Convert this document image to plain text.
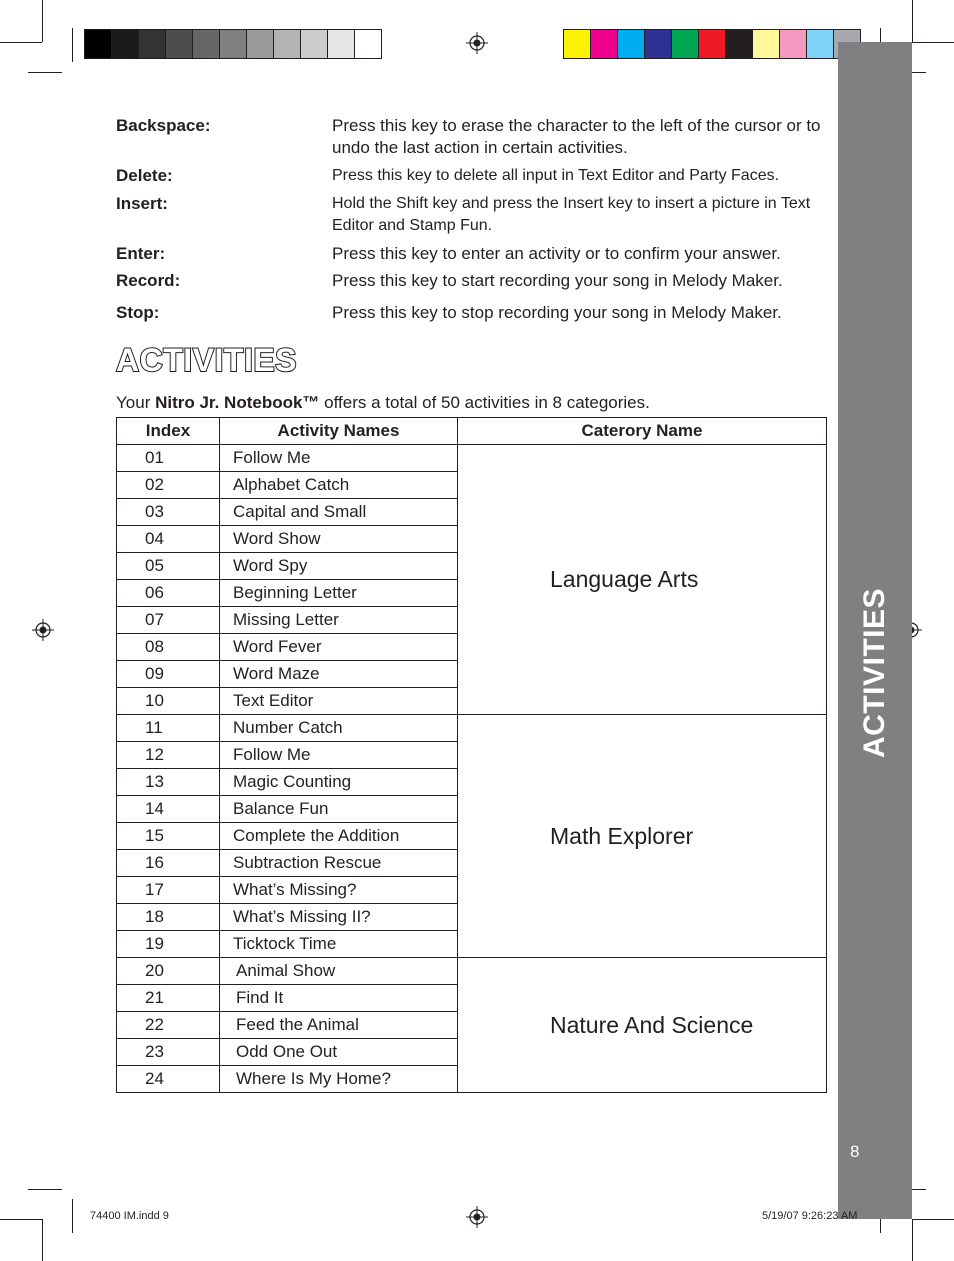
ACTIVITIES
8
Backspace:	Press this key to erase the character to the left of the cursor or to undo the last action in certain activities.
Delete:	Press this key to delete all input in Text Editor and Party Faces.
Insert:	Hold the Shift key and press the Insert key to insert a picture in Text Editor and Stamp Fun.
Enter:	Press this key to enter an activity or to confirm your answer.
Record:	Press this key to start recording your song in Melody Maker.
Stop:	Press this key to stop recording your song in Melody Maker.
ACTIVITIES
Your Nitro Jr. Notebook™ offers a total of 50 activities in 8 categories.
Index	Activity Names	Caterory Name
01	Follow Me	Language Arts
02	Alphabet Catch	
03	Capital and Small	
04	Word Show	
05	Word Spy	
06	Beginning Letter	
07	Missing Letter	
08	Word Fever	
09	Word Maze	
10	Text Editor	
11	Number Catch	Math Explorer
12	Follow Me	
13	Magic Counting	
14	Balance Fun	
15	Complete the Addition	
16	Subtraction Rescue	
17	What’s Missing?	
18	What’s Missing II?	
19	Ticktock Time	
20	Animal Show	Nature And Science
21	Find It	
22	Feed the Animal	
23	Odd One Out	
24	Where Is My Home?	
74400 IM.indd 9	5/19/07 9:26:23 AM
